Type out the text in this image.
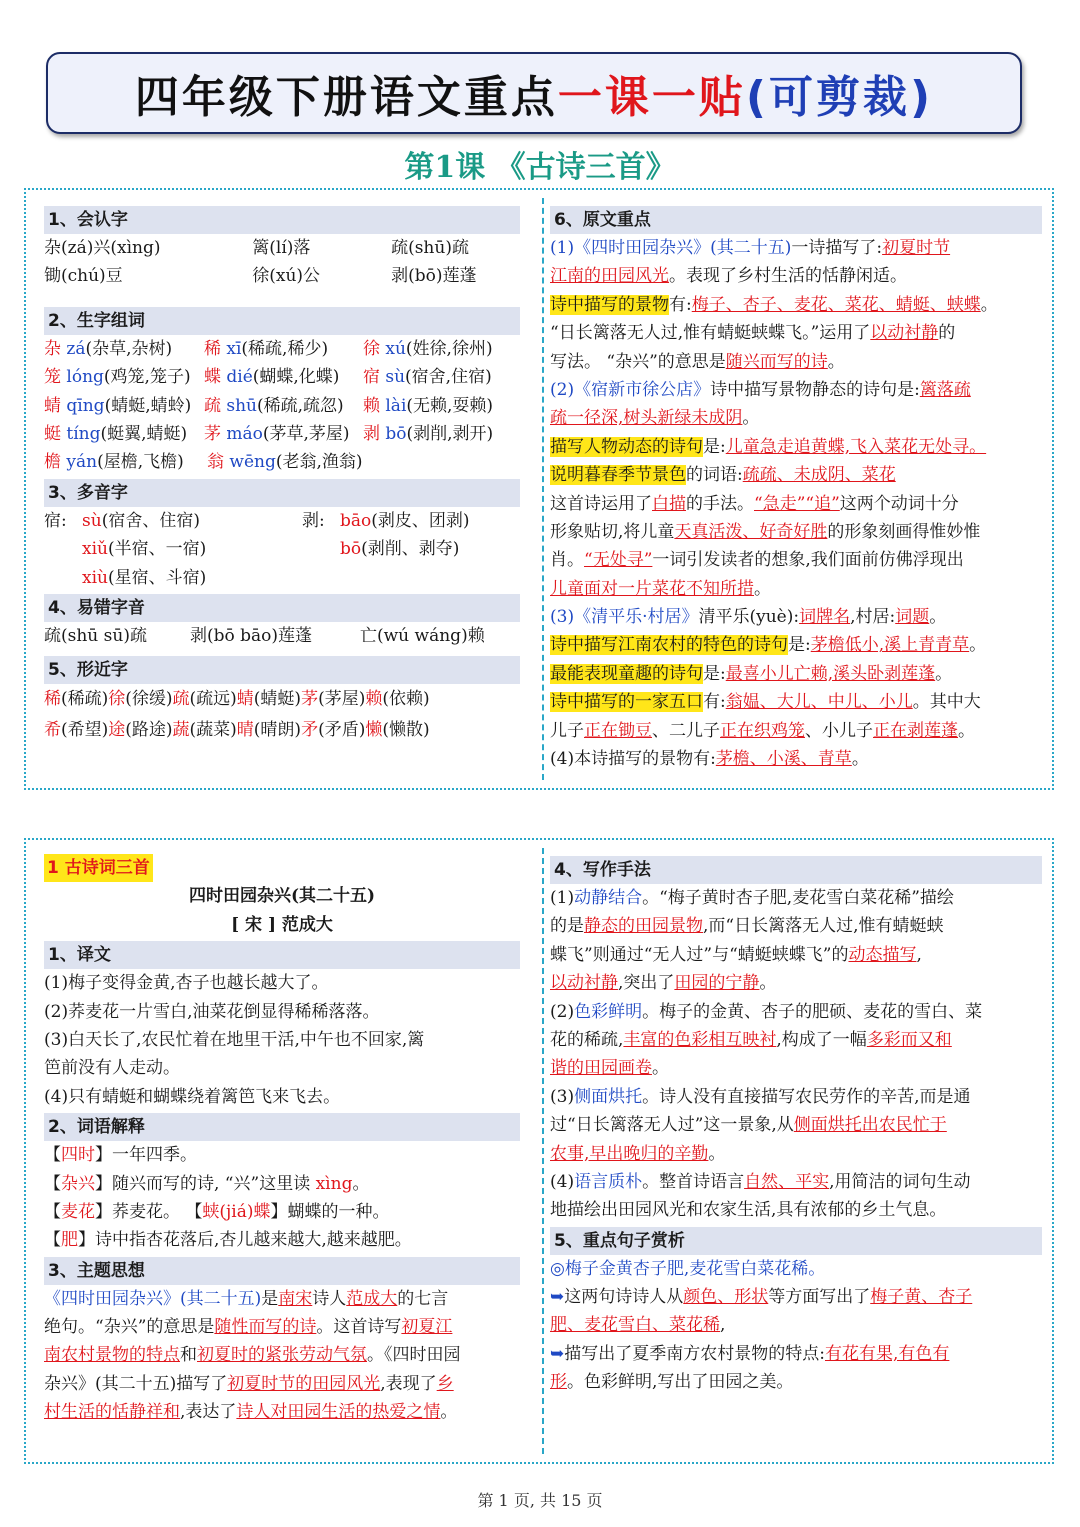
四年级下册语文重点 一课一贴 (可剪裁)
第1课 《古诗三首》
1、会认字
杂(zá)兴(xìng)	篱(lí)落	疏(shū)疏
锄(chú)豆	徐(xú)公	剥(bō)莲蓬
2、生字组词
杂 zá(杂草,杂树)	稀 xī(稀疏,稀少)	徐 xú(姓徐,徐州)
笼 lóng(鸡笼,笼子) 蝶 dié(蝴蝶,化蝶)	宿 sù(宿舍,住宿)
蜻 qīng(蜻蜓,蜻蛉) 疏 shū(稀疏,疏忽)	赖 lài(无赖,耍赖)
蜓 tíng(蜓翼,蜻蜓) 茅 máo(茅草,茅屋) 剥 bō(剥削,剥开)
檐 yán(屋檐,飞檐)	翁 wēng(老翁,渔翁)
3、多音字
宿:sù(宿舍、住宿)	剥:bāo(剥皮、团剥)
xiǔ(半宿、一宿)	bō(剥削、剥夺)
xiù(星宿、斗宿)
4、易错字音
疏(shū sū)疏	剥(bō bāo)莲蓬	亡(wú wáng)赖
5、形近字
稀(稀疏)徐(徐缓)疏(疏远)蜻(蜻蜓)茅(茅屋)赖(依赖)
希(希望)途(路途)蔬(蔬菜)晴(晴朗)矛(矛盾)懒(懒散)
6、原文重点
(1)《四时田园杂兴》(其二十五)一诗描写了:初夏时节
江南的田园风光。表现了乡村生活的恬静闲适。
诗中描写的景物有:梅子、杏子、麦花、菜花、蜻蜓、蛱蝶。
“日长篱落无人过,惟有蜻蜓蛱蝶飞。”运用了以动衬静的
写法。 “杂兴”的意思是随兴而写的诗。
(2)《宿新市徐公店》诗中描写景物静态的诗句是:篱落疏
疏一径深,树头新绿未成阴。
描写人物动态的诗句是:儿童急走追黄蝶,飞入菜花无处寻。
说明暮春季节景色的词语:疏疏、未成阴、菜花
这首诗运用了白描的手法。“急走”“追”这两个动词十分
形象贴切,将儿童天真活泼、好奇好胜的形象刻画得惟妙惟
肖。“无处寻”一词引发读者的想象,我们面前仿佛浮现出
儿童面对一片菜花不知所措。
(3)《清平乐·村居》清平乐(yuè):词牌名,村居:词题。
诗中描写江南农村的特色的诗句是:茅檐低小,溪上青青草。
最能表现童趣的诗句是:最喜小儿亡赖,溪头卧剥莲蓬。
诗中描写的一家五口有:翁媪、大儿、中儿、小儿。其中大
儿子正在锄豆、二儿子正在织鸡笼、小儿子正在剥莲蓬。
(4)本诗描写的景物有:茅檐、小溪、青草。
1 古诗词三首
四时田园杂兴(其二十五)
[ 宋 ] 范成大
1、译文
(1)梅子变得金黄,杏子也越长越大了。
(2)荞麦花一片雪白,油菜花倒显得稀稀落落。
(3)白天长了,农民忙着在地里干活,中午也不回家,篱
笆前没有人走动。
(4)只有蜻蜓和蝴蝶绕着篱笆飞来飞去。
2、词语解释
【四时】一年四季。
【杂兴】随兴而写的诗, “兴”这里读 xìng。
【麦花】荞麦花。 【蛱(jiá)蝶】蝴蝶的一种。
【肥】诗中指杏花落后,杏儿越来越大,越来越肥。
3、主题思想
《四时田园杂兴》(其二十五)是南宋诗人范成大的七言
绝句。“杂兴”的意思是随性而写的诗。这首诗写初夏江
南农村景物的特点和初夏时的紧张劳动气氛。《四时田园
杂兴》(其二十五)描写了初夏时节的田园风光,表现了乡
村生活的恬静祥和,表达了诗人对田园生活的热爱之情。
4、写作手法
(1)动静结合。“梅子黄时杏子肥,麦花雪白菜花稀”描绘
的是静态的田园景物,而“日长篱落无人过,惟有蜻蜓蛱
蝶飞”则通过“无人过”与“蜻蜓蛱蝶飞”的动态描写,
以动衬静,突出了田园的宁静。
(2)色彩鲜明。梅子的金黄、杏子的肥硕、麦花的雪白、菜
花的稀疏,丰富的色彩相互映衬,构成了一幅多彩而又和
谐的田园画卷。
(3)侧面烘托。诗人没有直接描写农民劳作的辛苦,而是通
过“日长篱落无人过”这一景象,从侧面烘托出农民忙于
农事,早出晚归的辛勤。
(4)语言质朴。整首诗语言自然、平实,用简洁的词句生动
地描绘出田园风光和农家生活,具有浓郁的乡土气息。
5、重点句子赏析
◎梅子金黄杏子肥,麦花雪白菜花稀。
➥这两句诗诗人从颜色、形状等方面写出了梅子黄、杏子
肥、麦花雪白、菜花稀,
➥描写出了夏季南方农村景物的特点:有花有果,有色有
形。色彩鲜明,写出了田园之美。
第 1 页, 共 15 页
